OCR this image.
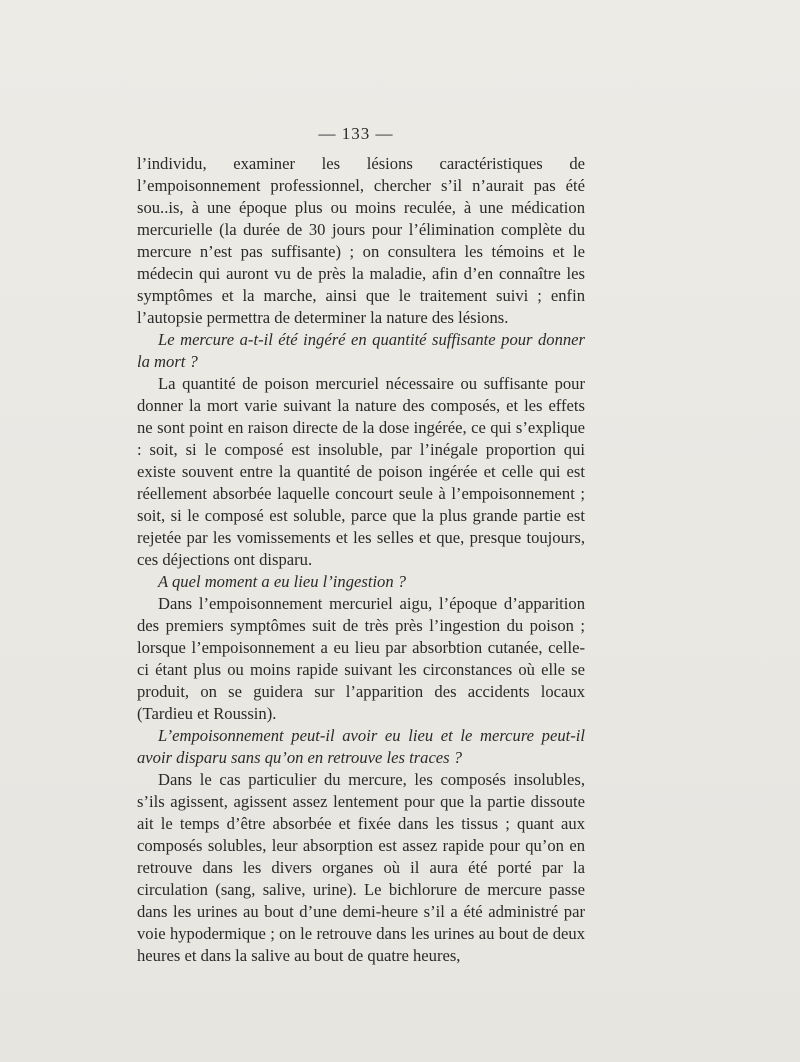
— 133 —

l’individu, examiner les lésions caractéristiques de l’empoisonnement professionnel, chercher s’il n’aurait pas été sou..is, à une époque plus ou moins reculée, à une médication mercurielle (la durée de 30 jours pour l’élimination complète du mercure n’est pas suffisante) ; on consultera les témoins et le médecin qui auront vu de près la maladie, afin d’en connaître les symptômes et la marche, ainsi que le traitement suivi ; enfin l’autopsie permettra de determiner la nature des lésions.

Le mercure a-t-il été ingéré en quantité suffisante pour donner la mort ?

La quantité de poison mercuriel nécessaire ou suffisante pour donner la mort varie suivant la nature des composés, et les effets ne sont point en raison directe de la dose ingérée, ce qui s’explique : soit, si le composé est insoluble, par l’inégale proportion qui existe souvent entre la quantité de poison ingérée et celle qui est réellement absorbée laquelle concourt seule à l’empoisonnement ; soit, si le composé est soluble, parce que la plus grande partie est rejetée par les vomissements et les selles et que, presque toujours, ces déjections ont disparu.

A quel moment a eu lieu l’ingestion ?

Dans l’empoisonnement mercuriel aigu, l’époque d’apparition des premiers symptômes suit de très près l’ingestion du poison ; lorsque l’empoisonnement a eu lieu par absorbtion cutanée, celle-ci étant plus ou moins rapide suivant les circonstances où elle se produit, on se guidera sur l’apparition des accidents locaux (Tardieu et Roussin).

L’empoisonnement peut-il avoir eu lieu et le mercure peut-il avoir disparu sans qu’on en retrouve les traces ?

Dans le cas particulier du mercure, les composés insolubles, s’ils agissent, agissent assez lentement pour que la partie dissoute ait le temps d’être absorbée et fixée dans les tissus ; quant aux composés solubles, leur absorption est assez rapide pour qu’on en retrouve dans les divers organes où il aura été porté par la circulation (sang, salive, urine). Le bichlorure de mercure passe dans les urines au bout d’une demi-heure s’il a été administré par voie hypodermique ; on le retrouve dans les urines au bout de deux heures et dans la salive au bout de quatre heures,
